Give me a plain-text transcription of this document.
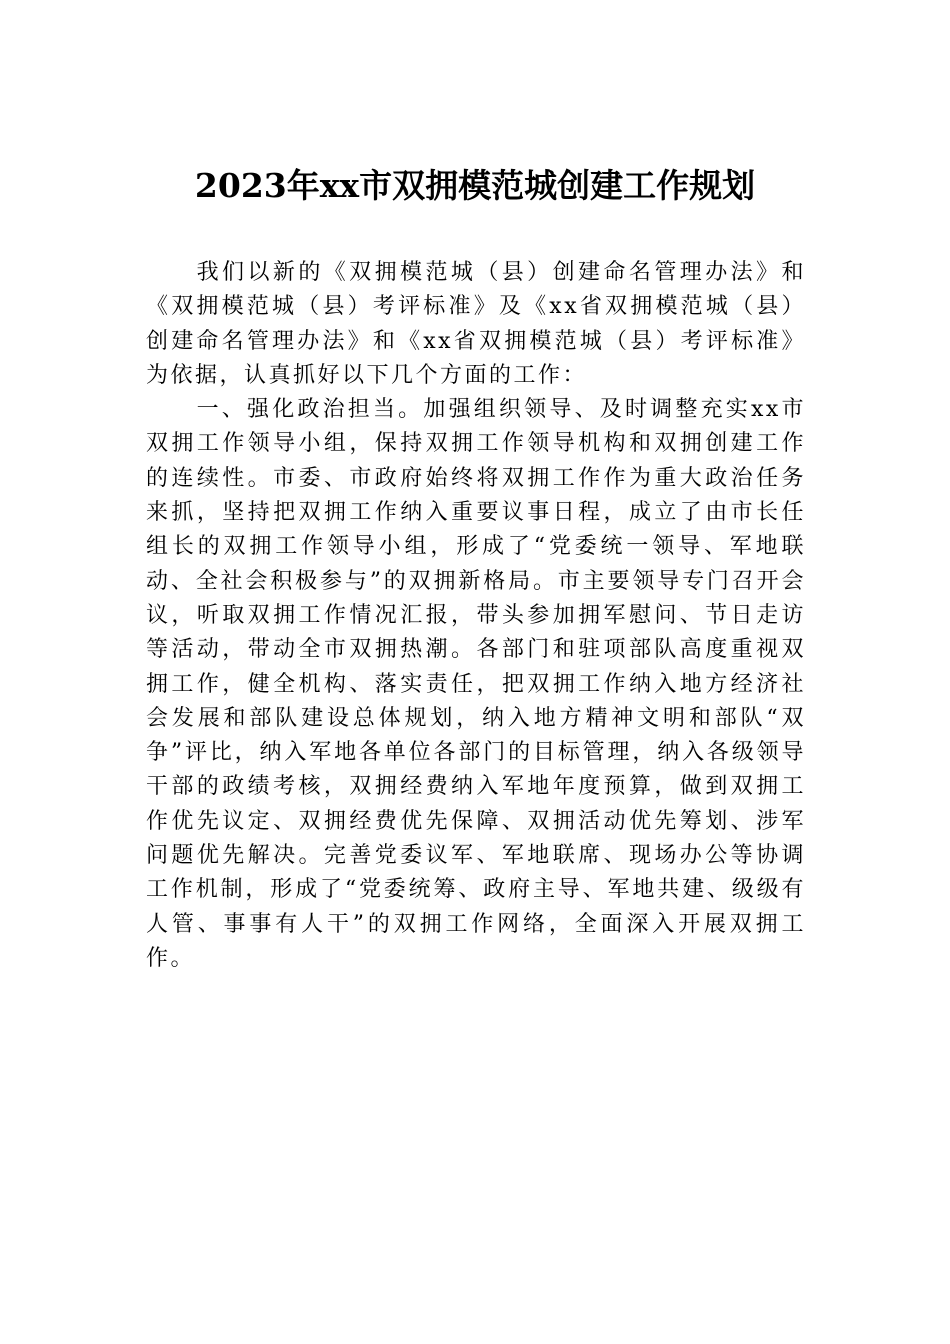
2023年xx市双拥模范城创建工作规划

我们以新的《双拥模范城（县）创建命名管理办法》和《双拥模范城（县）考评标准》及《xx省双拥模范城（县）创建命名管理办法》和《xx省双拥模范城（县）考评标准》为依据，认真抓好以下几个方面的工作：

一、强化政治担当。加强组织领导、及时调整充实xx市双拥工作领导小组，保持双拥工作领导机构和双拥创建工作的连续性。市委、市政府始终将双拥工作作为重大政治任务来抓，坚持把双拥工作纳入重要议事日程，成立了由市长任组长的双拥工作领导小组，形成了“党委统一领导、军地联动、全社会积极参与”的双拥新格局。市主要领导专门召开会议，听取双拥工作情况汇报，带头参加拥军慰问、节日走访等活动，带动全市双拥热潮。各部门和驻项部队高度重视双拥工作，健全机构、落实责任，把双拥工作纳入地方经济社会发展和部队建设总体规划，纳入地方精神文明和部队“双争”评比，纳入军地各单位各部门的目标管理，纳入各级领导干部的政绩考核，双拥经费纳入军地年度预算，做到双拥工作优先议定、双拥经费优先保障、双拥活动优先筹划、涉军问题优先解决。完善党委议军、军地联席、现场办公等协调工作机制，形成了“党委统筹、政府主导、军地共建、级级有人管、事事有人干”的双拥工作网络，全面深入开展双拥工作。
